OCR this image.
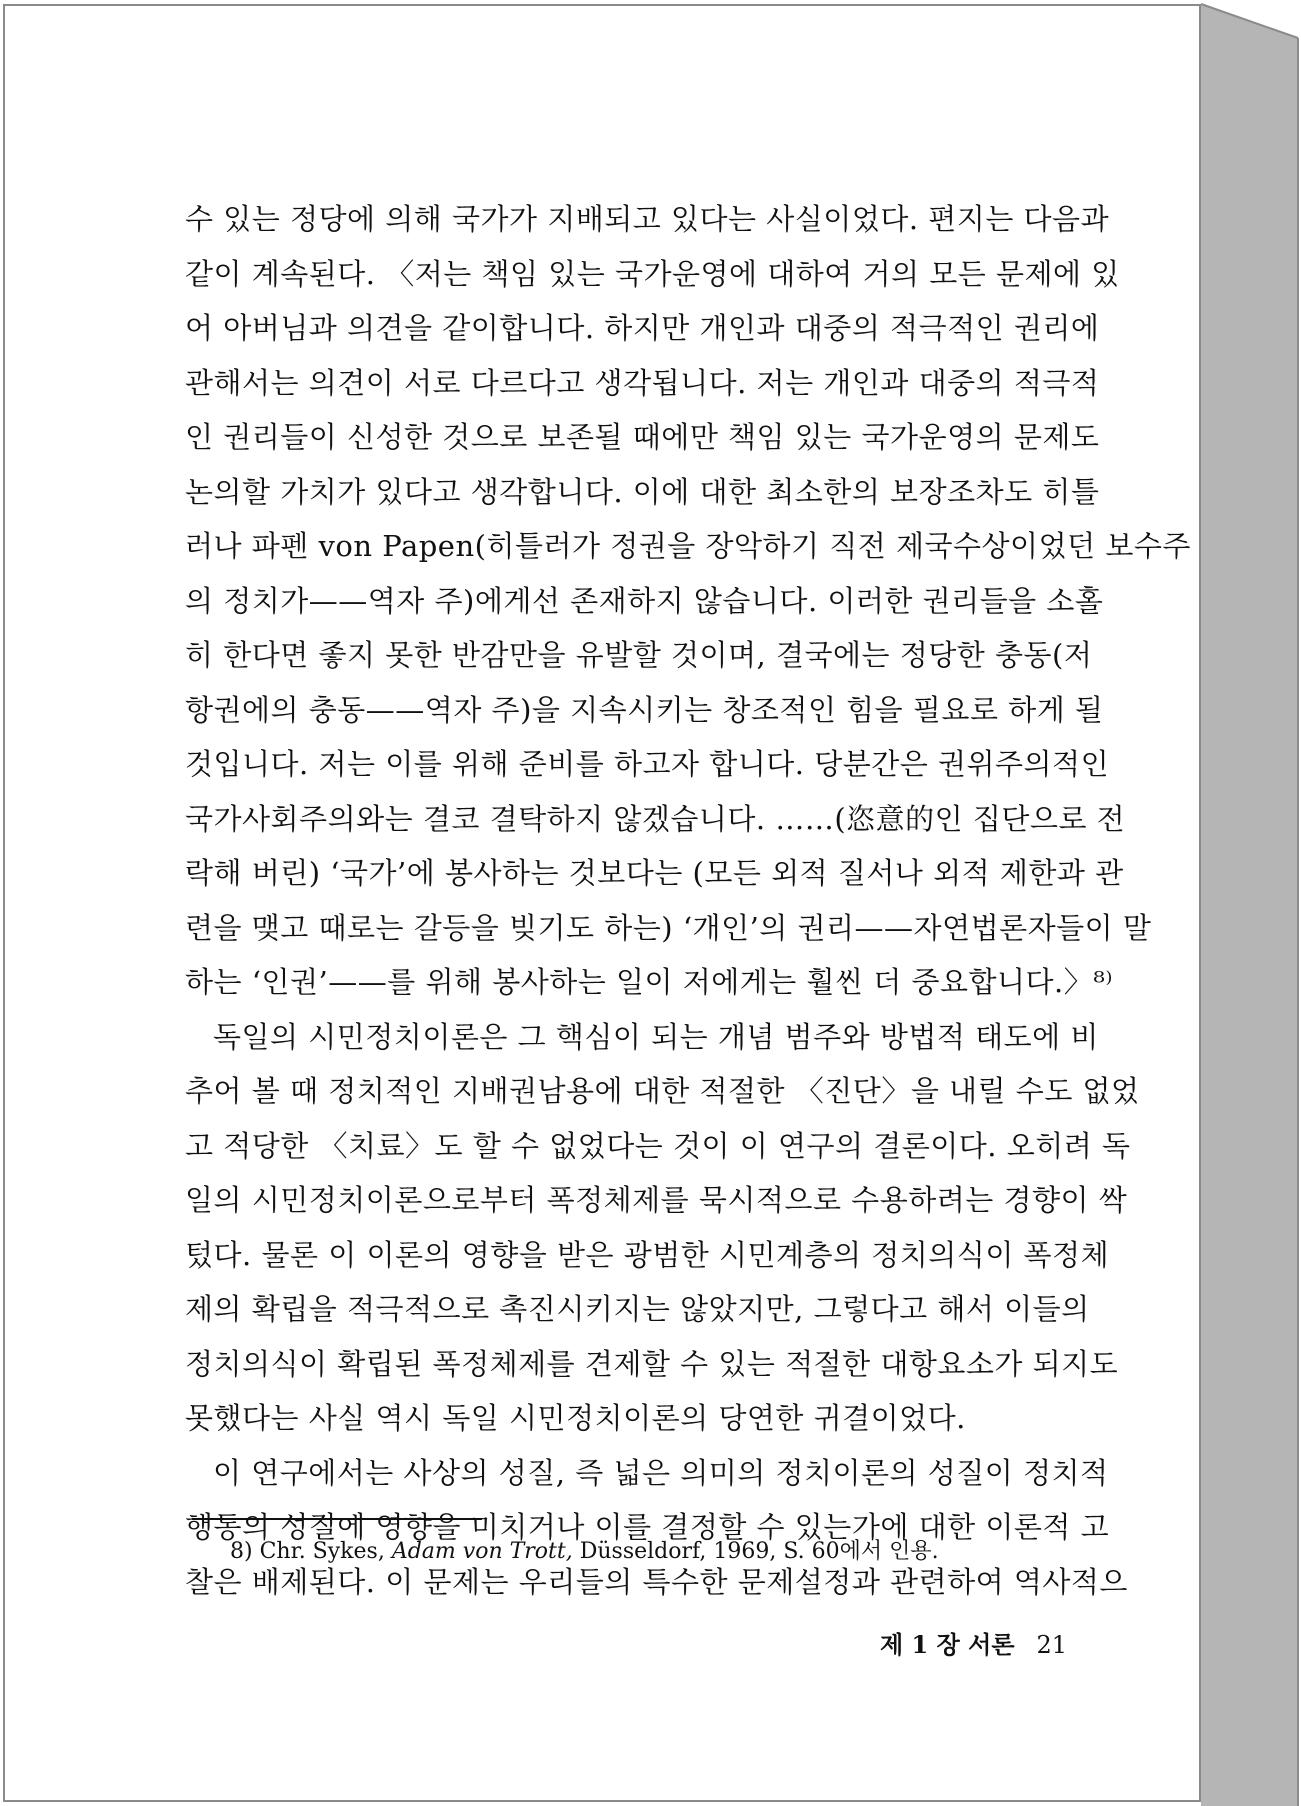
수 있는 정당에 의해 국가가 지배되고 있다는 사실이었다. 편지는 다음과
같이 계속된다. 〈저는 책임 있는 국가운영에 대하여 거의 모든 문제에 있
어 아버님과 의견을 같이합니다. 하지만 개인과 대중의 적극적인 권리에
관해서는 의견이 서로 다르다고 생각됩니다. 저는 개인과 대중의 적극적
인 권리들이 신성한 것으로 보존될 때에만 책임 있는 국가운영의 문제도
논의할 가치가 있다고 생각합니다. 이에 대한 최소한의 보장조차도 히틀
러나 파펜 von Papen(히틀러가 정권을 장악하기 직전 제국수상이었던 보수주
의 정치가——역자 주)에게선 존재하지 않습니다. 이러한 권리들을 소홀
히 한다면 좋지 못한 반감만을 유발할 것이며, 결국에는 정당한 충동(저
항권에의 충동——역자 주)을 지속시키는 창조적인 힘을 필요로 하게 될
것입니다. 저는 이를 위해 준비를 하고자 합니다. 당분간은 권위주의적인
국가사회주의와는 결코 결탁하지 않겠습니다. ……(恣意的인 집단으로 전
락해 버린) ‘국가’에 봉사하는 것보다는 (모든 외적 질서나 외적 제한과 관
련을 맺고 때로는 갈등을 빚기도 하는) ‘개인’의 권리——자연법론자들이 말
하는 ‘인권’——를 위해 봉사하는 일이 저에게는 훨씬 더 중요합니다.〉⁸⁾
독일의 시민정치이론은 그 핵심이 되는 개념 범주와 방법적 태도에 비
추어 볼 때 정치적인 지배권남용에 대한 적절한 〈진단〉을 내릴 수도 없었
고 적당한 〈치료〉도 할 수 없었다는 것이 이 연구의 결론이다. 오히려 독
일의 시민정치이론으로부터 폭정체제를 묵시적으로 수용하려는 경향이 싹
텄다. 물론 이 이론의 영향을 받은 광범한 시민계층의 정치의식이 폭정체
제의 확립을 적극적으로 촉진시키지는 않았지만, 그렇다고 해서 이들의
정치의식이 확립된 폭정체제를 견제할 수 있는 적절한 대항요소가 되지도
못했다는 사실 역시 독일 시민정치이론의 당연한 귀결이었다.
이 연구에서는 사상의 성질, 즉 넓은 의미의 정치이론의 성질이 정치적
행동의 성질에 영향을 미치거나 이를 결정할 수 있는가에 대한 이론적 고
찰은 배제된다. 이 문제는 우리들의 특수한 문제설정과 관련하여 역사적으
8) Chr. Sykes, Adam von Trott, Düsseldorf, 1969, S. 60에서 인용.
제 1 장 서론 21
